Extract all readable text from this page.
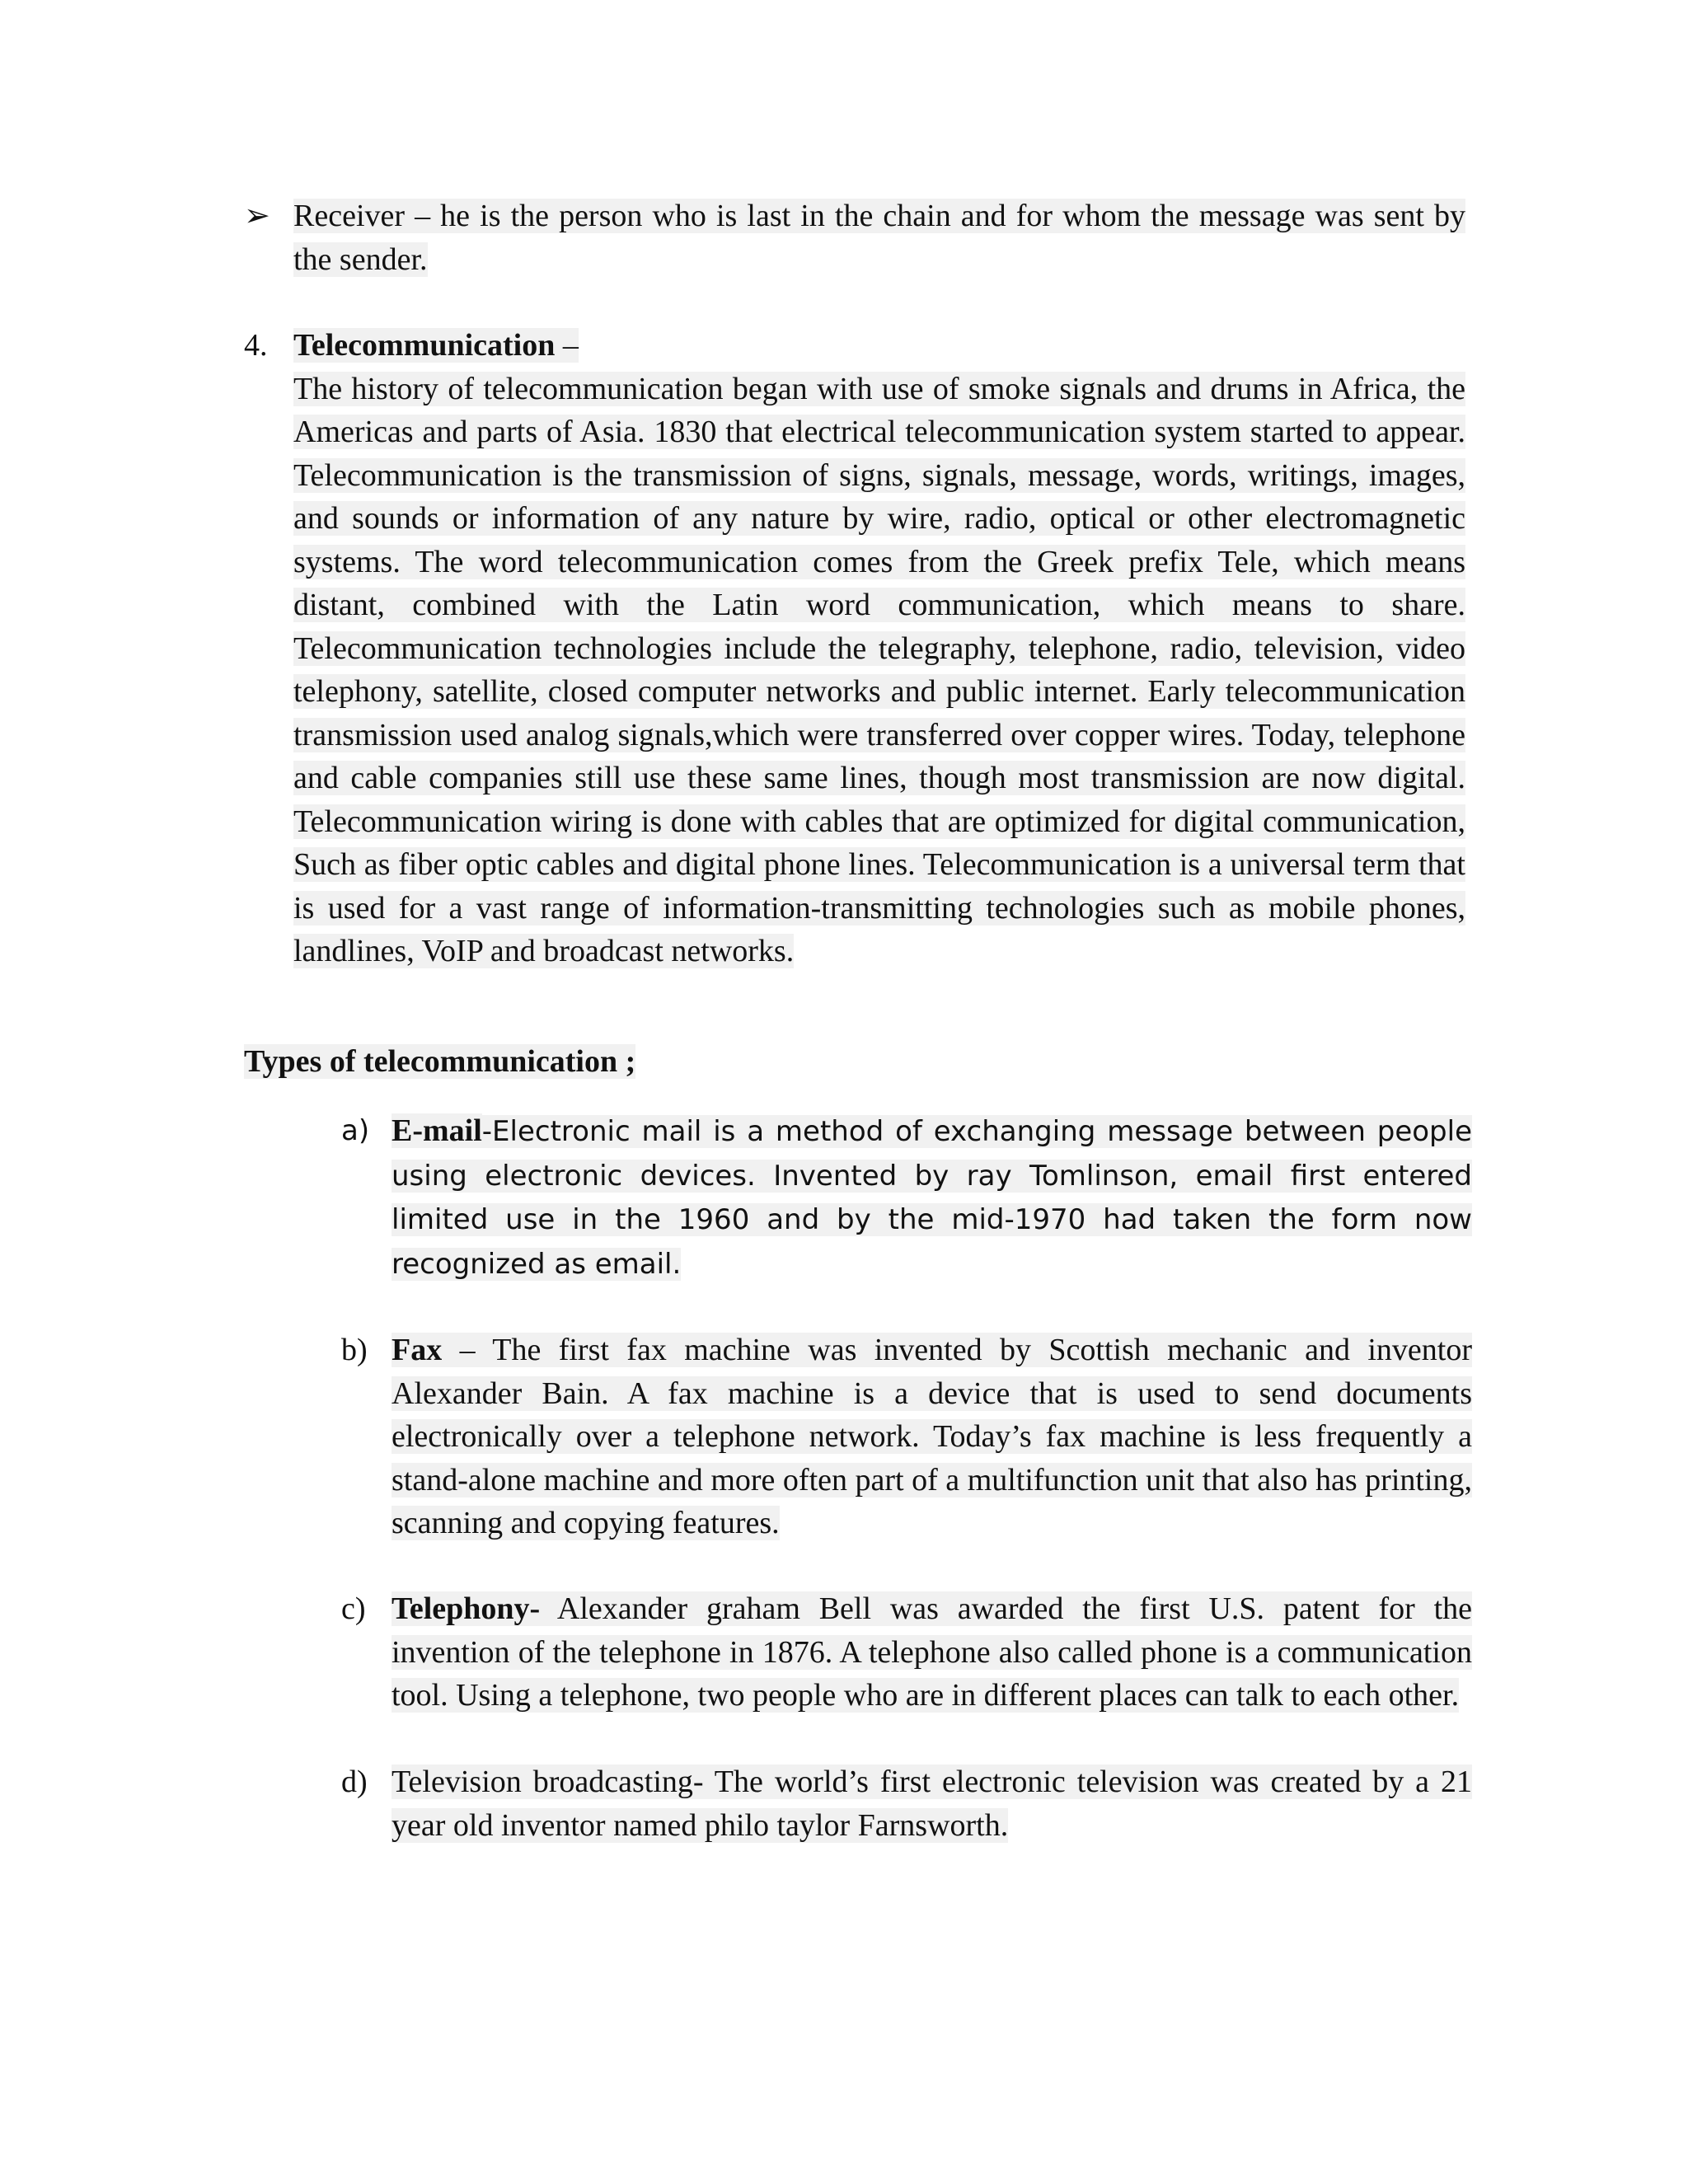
➢ Receiver – he is the person who is last in the chain and for whom the message was sent by the sender.
4. Telecommunication –
The history of telecommunication began with use of smoke signals and drums in Africa, the Americas and parts of Asia. 1830 that electrical telecommunication system started to appear. Telecommunication is the transmission of signs, signals, message, words, writings, images, and sounds or information of any nature by wire, radio, optical or other electromagnetic systems. The word telecommunication comes from the Greek prefix Tele, which means distant, combined with the Latin word communication, which means to share. Telecommunication technologies include the telegraphy, telephone, radio, television, video telephony, satellite, closed computer networks and public internet. Early telecommunication transmission used analog signals,which were transferred over copper wires. Today, telephone and cable companies still use these same lines, though most transmission are now digital. Telecommunication wiring is done with cables that are optimized for digital communication, Such as fiber optic cables and digital phone lines. Telecommunication is a universal term that is used for a vast range of information-transmitting technologies such as mobile phones, landlines, VoIP and broadcast networks.
Types of telecommunication ;
a) E-mail-Electronic mail is a method of exchanging message between people using electronic devices. Invented by ray Tomlinson, email first entered limited use in the 1960 and by the mid-1970 had taken the form now recognized as email.
b) Fax – The first fax machine was invented by Scottish mechanic and inventor Alexander Bain. A fax machine is a device that is used to send documents electronically over a telephone network. Today’s fax machine is less frequently a stand-alone machine and more often part of a multifunction unit that also has printing, scanning and copying features.
c) Telephony- Alexander graham Bell was awarded the first U.S. patent for the invention of the telephone in 1876. A telephone also called phone is a communication tool. Using a telephone, two people who are in different places can talk to each other.
d) Television broadcasting- The world’s first electronic television was created by a 21 year old inventor named philo taylor Farnsworth.
